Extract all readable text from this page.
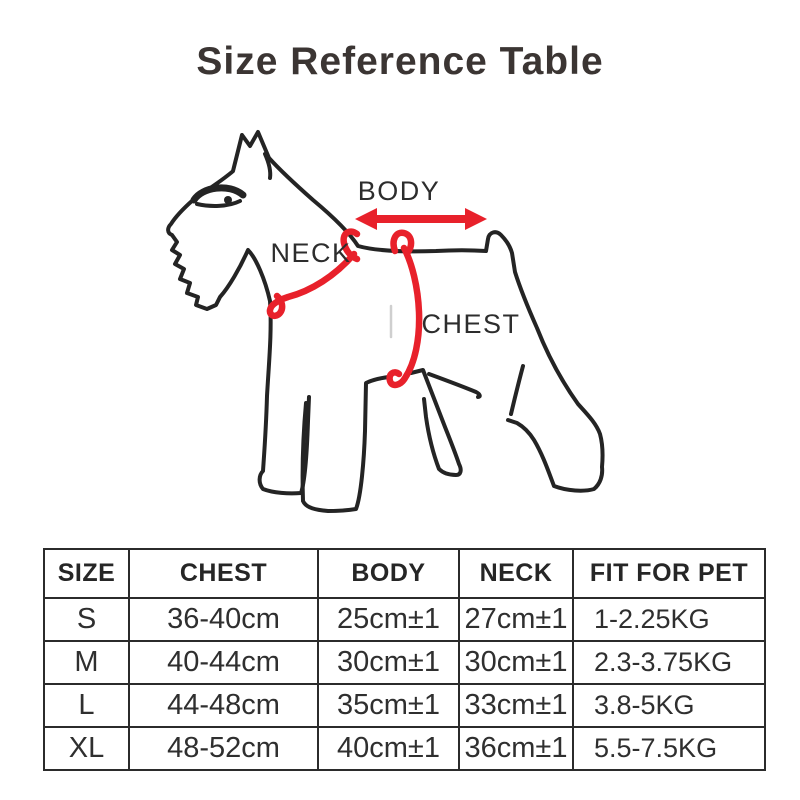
Size Reference Table
BODY
NECK
CHEST
SIZE	CHEST	BODY	NECK	FIT FOR PET
S	36-40cm	25cm±1	27cm±1	1-2.25KG
M	40-44cm	30cm±1	30cm±1	2.3-3.75KG
L	44-48cm	35cm±1	33cm±1	3.8-5KG
XL	48-52cm	40cm±1	36cm±1	5.5-7.5KG
